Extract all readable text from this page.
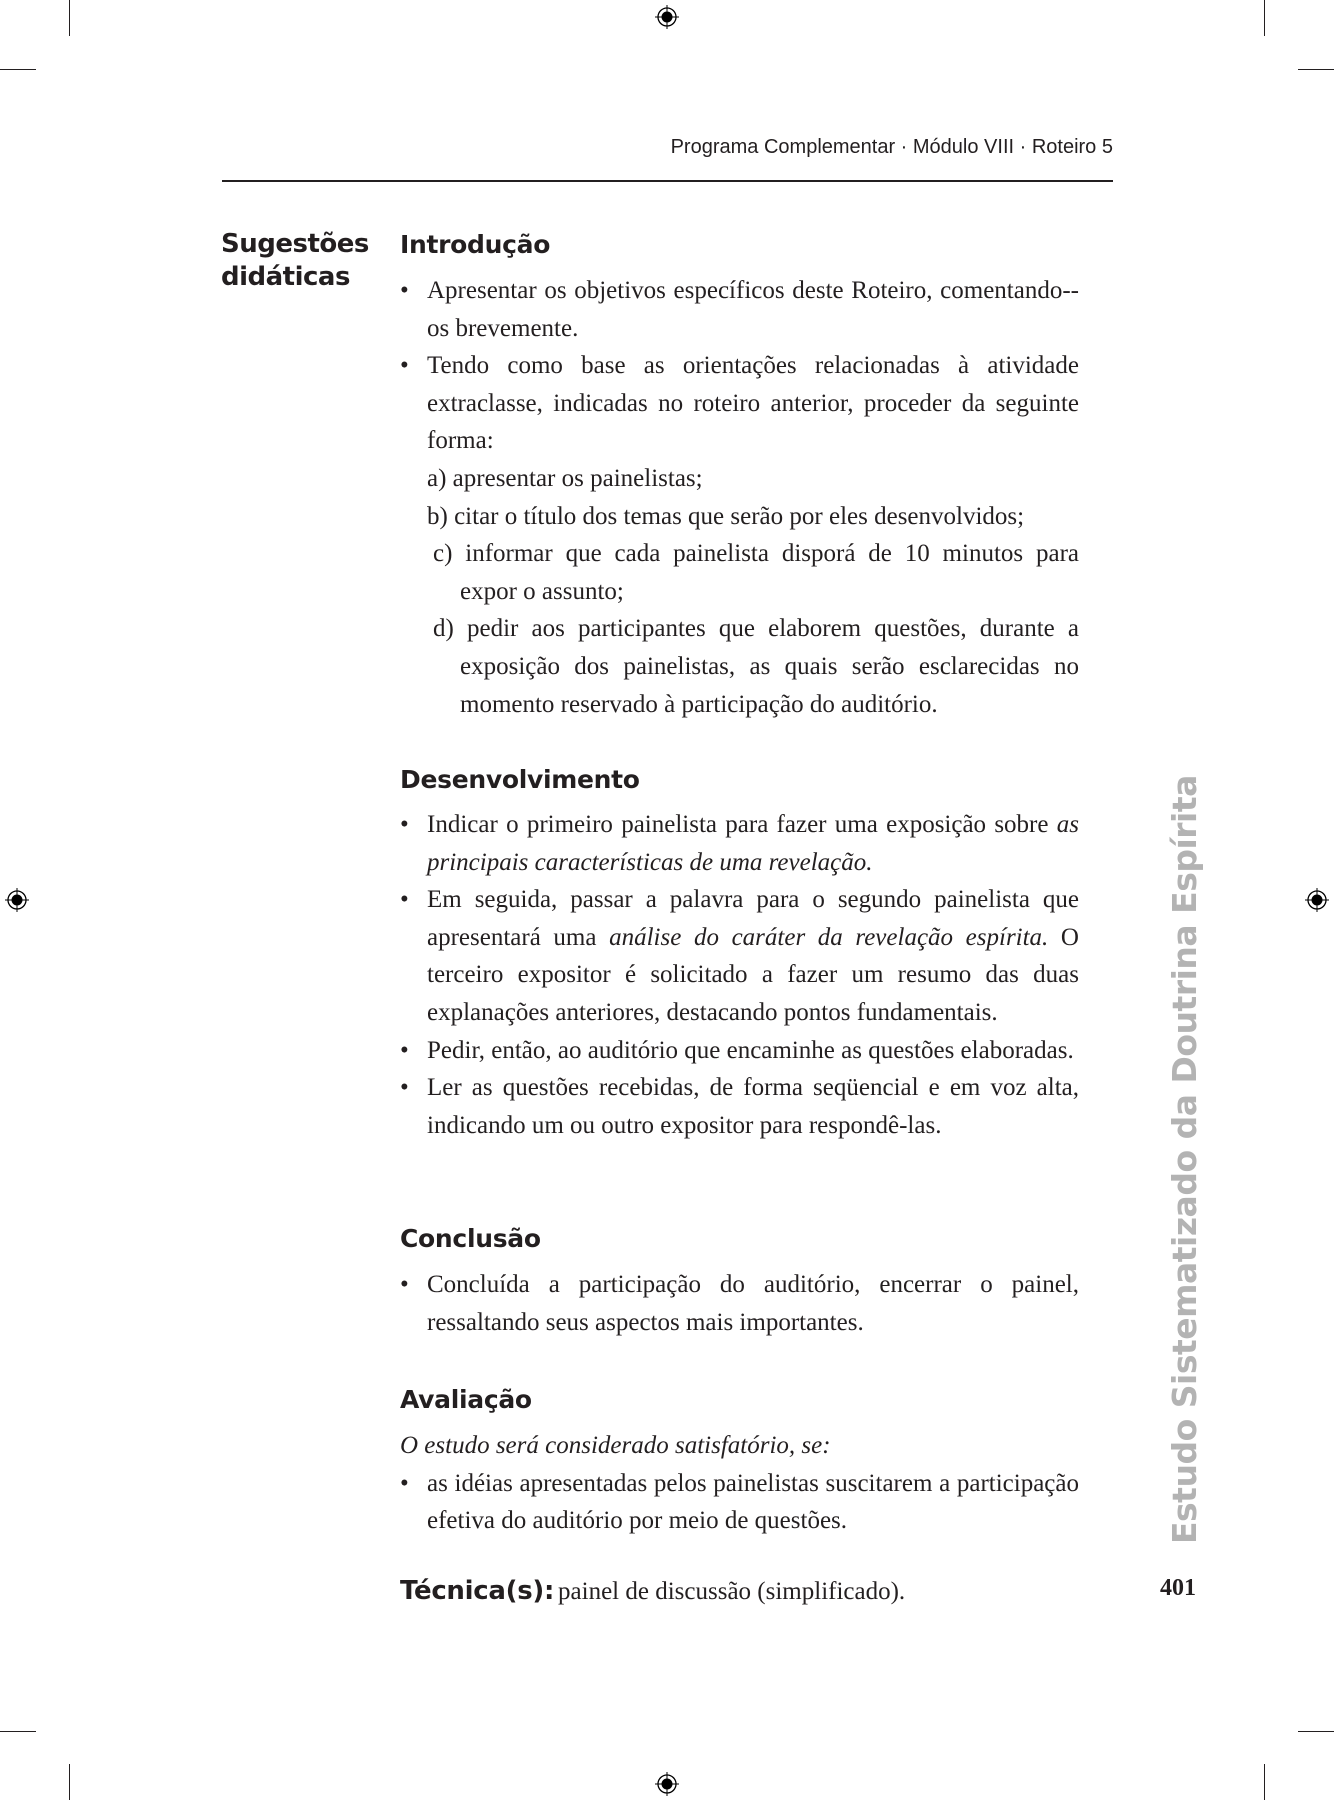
Programa Complementar · Módulo VIII · Roteiro 5
Sugestões
didáticas
Introdução
• Apresentar os objetivos específicos deste Roteiro, comentando--os brevemente.
• Tendo como base as orientações relacionadas à atividade extraclasse, indicadas no roteiro anterior, proceder da seguinte forma:
a) apresentar os painelistas;
b) citar o título dos temas que serão por eles desenvolvidos;
c) informar que cada painelista disporá de 10 minutos para expor o assunto;
d) pedir aos participantes que elaborem questões, durante a exposição dos painelistas, as quais serão esclarecidas no momento reservado à participação do auditório.
Desenvolvimento
• Indicar o primeiro painelista para fazer uma exposição sobre as principais características de uma revelação.
• Em seguida, passar a palavra para o segundo painelista que apresentará uma análise do caráter da revelação espírita. O terceiro expositor é solicitado a fazer um resumo das duas explanações anteriores, destacando pontos fundamentais.
• Pedir, então, ao auditório que encaminhe as questões elaboradas.
• Ler as questões recebidas, de forma seqüencial e em voz alta, indicando um ou outro expositor para respondê-las.
Conclusão
• Concluída a participação do auditório, encerrar o painel, ressaltando seus aspectos mais importantes.
Avaliação
O estudo será considerado satisfatório, se:
• as idéias apresentadas pelos painelistas suscitarem a participação efetiva do auditório por meio de questões.
Técnica(s): painel de discussão (simplificado).
Estudo Sistematizado da Doutrina Espírita
401
